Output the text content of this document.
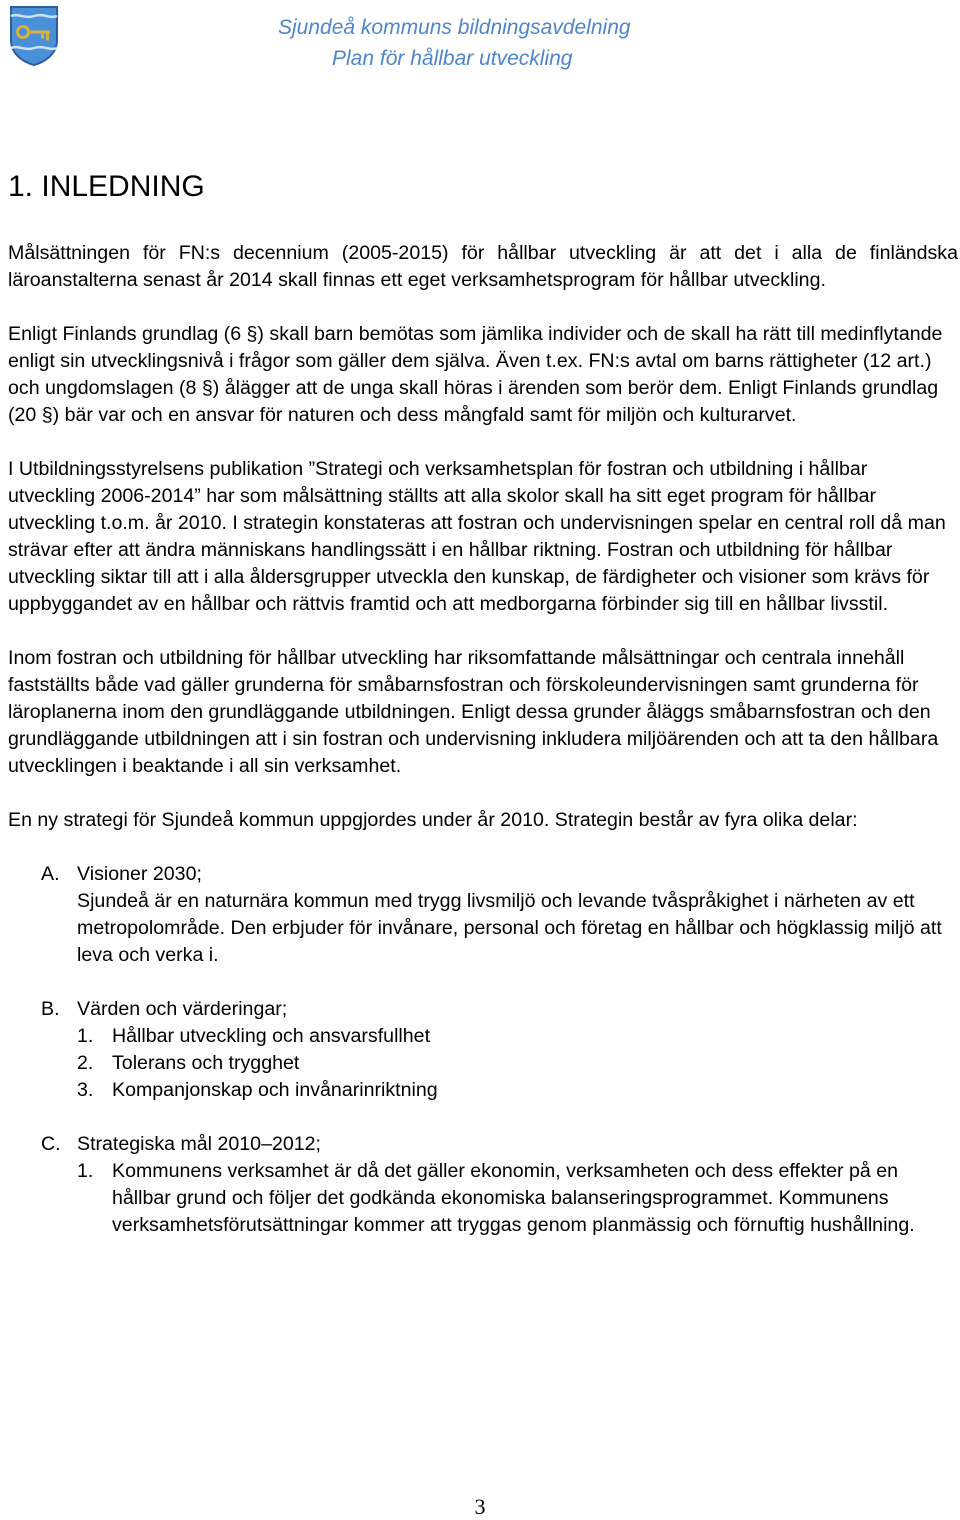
Sjundeå kommuns bildningsavdelning
Plan för hållbar utveckling
1. INLEDNING

Målsättningen för FN:s decennium (2005-2015) för hållbar utveckling är att det i alla de finländska läroanstalterna senast år 2014 skall finnas ett eget verksamhetsprogram för hållbar utveckling.

Enligt Finlands grundlag (6 §) skall barn bemötas som jämlika individer och de skall ha rätt till medinflytande enligt sin utvecklingsnivå i frågor som gäller dem själva. Även t.ex. FN:s avtal om barns rättigheter (12 art.) och ungdomslagen (8 §) ålägger att de unga skall höras i ärenden som berör dem. Enligt Finlands grundlag (20 §) bär var och en ansvar för naturen och dess mångfald samt för miljön och kulturarvet.

I Utbildningsstyrelsens publikation ”Strategi och verksamhetsplan för fostran och utbildning i hållbar utveckling 2006-2014” har som målsättning ställts att alla skolor skall ha sitt eget program för hållbar utveckling t.o.m. år 2010. I strategin konstateras att fostran och undervisningen spelar en central roll då man strävar efter att ändra människans handlingssätt i en hållbar riktning. Fostran och utbildning för hållbar utveckling siktar till att i alla åldersgrupper utveckla den kunskap, de färdigheter och visioner som krävs för uppbyggandet av en hållbar och rättvis framtid och att medborgarna förbinder sig till en hållbar livsstil.

Inom fostran och utbildning för hållbar utveckling har riksomfattande målsättningar och centrala innehåll fastställts både vad gäller grunderna för småbarnsfostran och förskoleundervisningen samt grunderna för läroplanerna inom den grundläggande utbildningen. Enligt dessa grunder åläggs småbarnsfostran och den grundläggande utbildningen att i sin fostran och undervisning inkludera miljöärenden och att ta den hållbara utvecklingen i beaktande i all sin verksamhet.

En ny strategi för Sjundeå kommun uppgjordes under år 2010. Strategin består av fyra olika delar:

A. Visioner 2030;
Sjundeå är en naturnära kommun med trygg livsmiljö och levande tvåspråkighet i närheten av ett metropolområde. Den erbjuder för invånare, personal och företag en hållbar och högklassig miljö att leva och verka i.
B. Värden och värderingar;
1. Hållbar utveckling och ansvarsfullhet
2. Tolerans och trygghet
3. Kompanjonskap och invånarinriktning
C. Strategiska mål 2010–2012;
1. Kommunens verksamhet är då det gäller ekonomin, verksamheten och dess effekter på en hållbar grund och följer det godkända ekonomiska balanseringsprogrammet. Kommunens verksamhetsförutsättningar kommer att tryggas genom planmässig och förnuftig hushållning.
3
